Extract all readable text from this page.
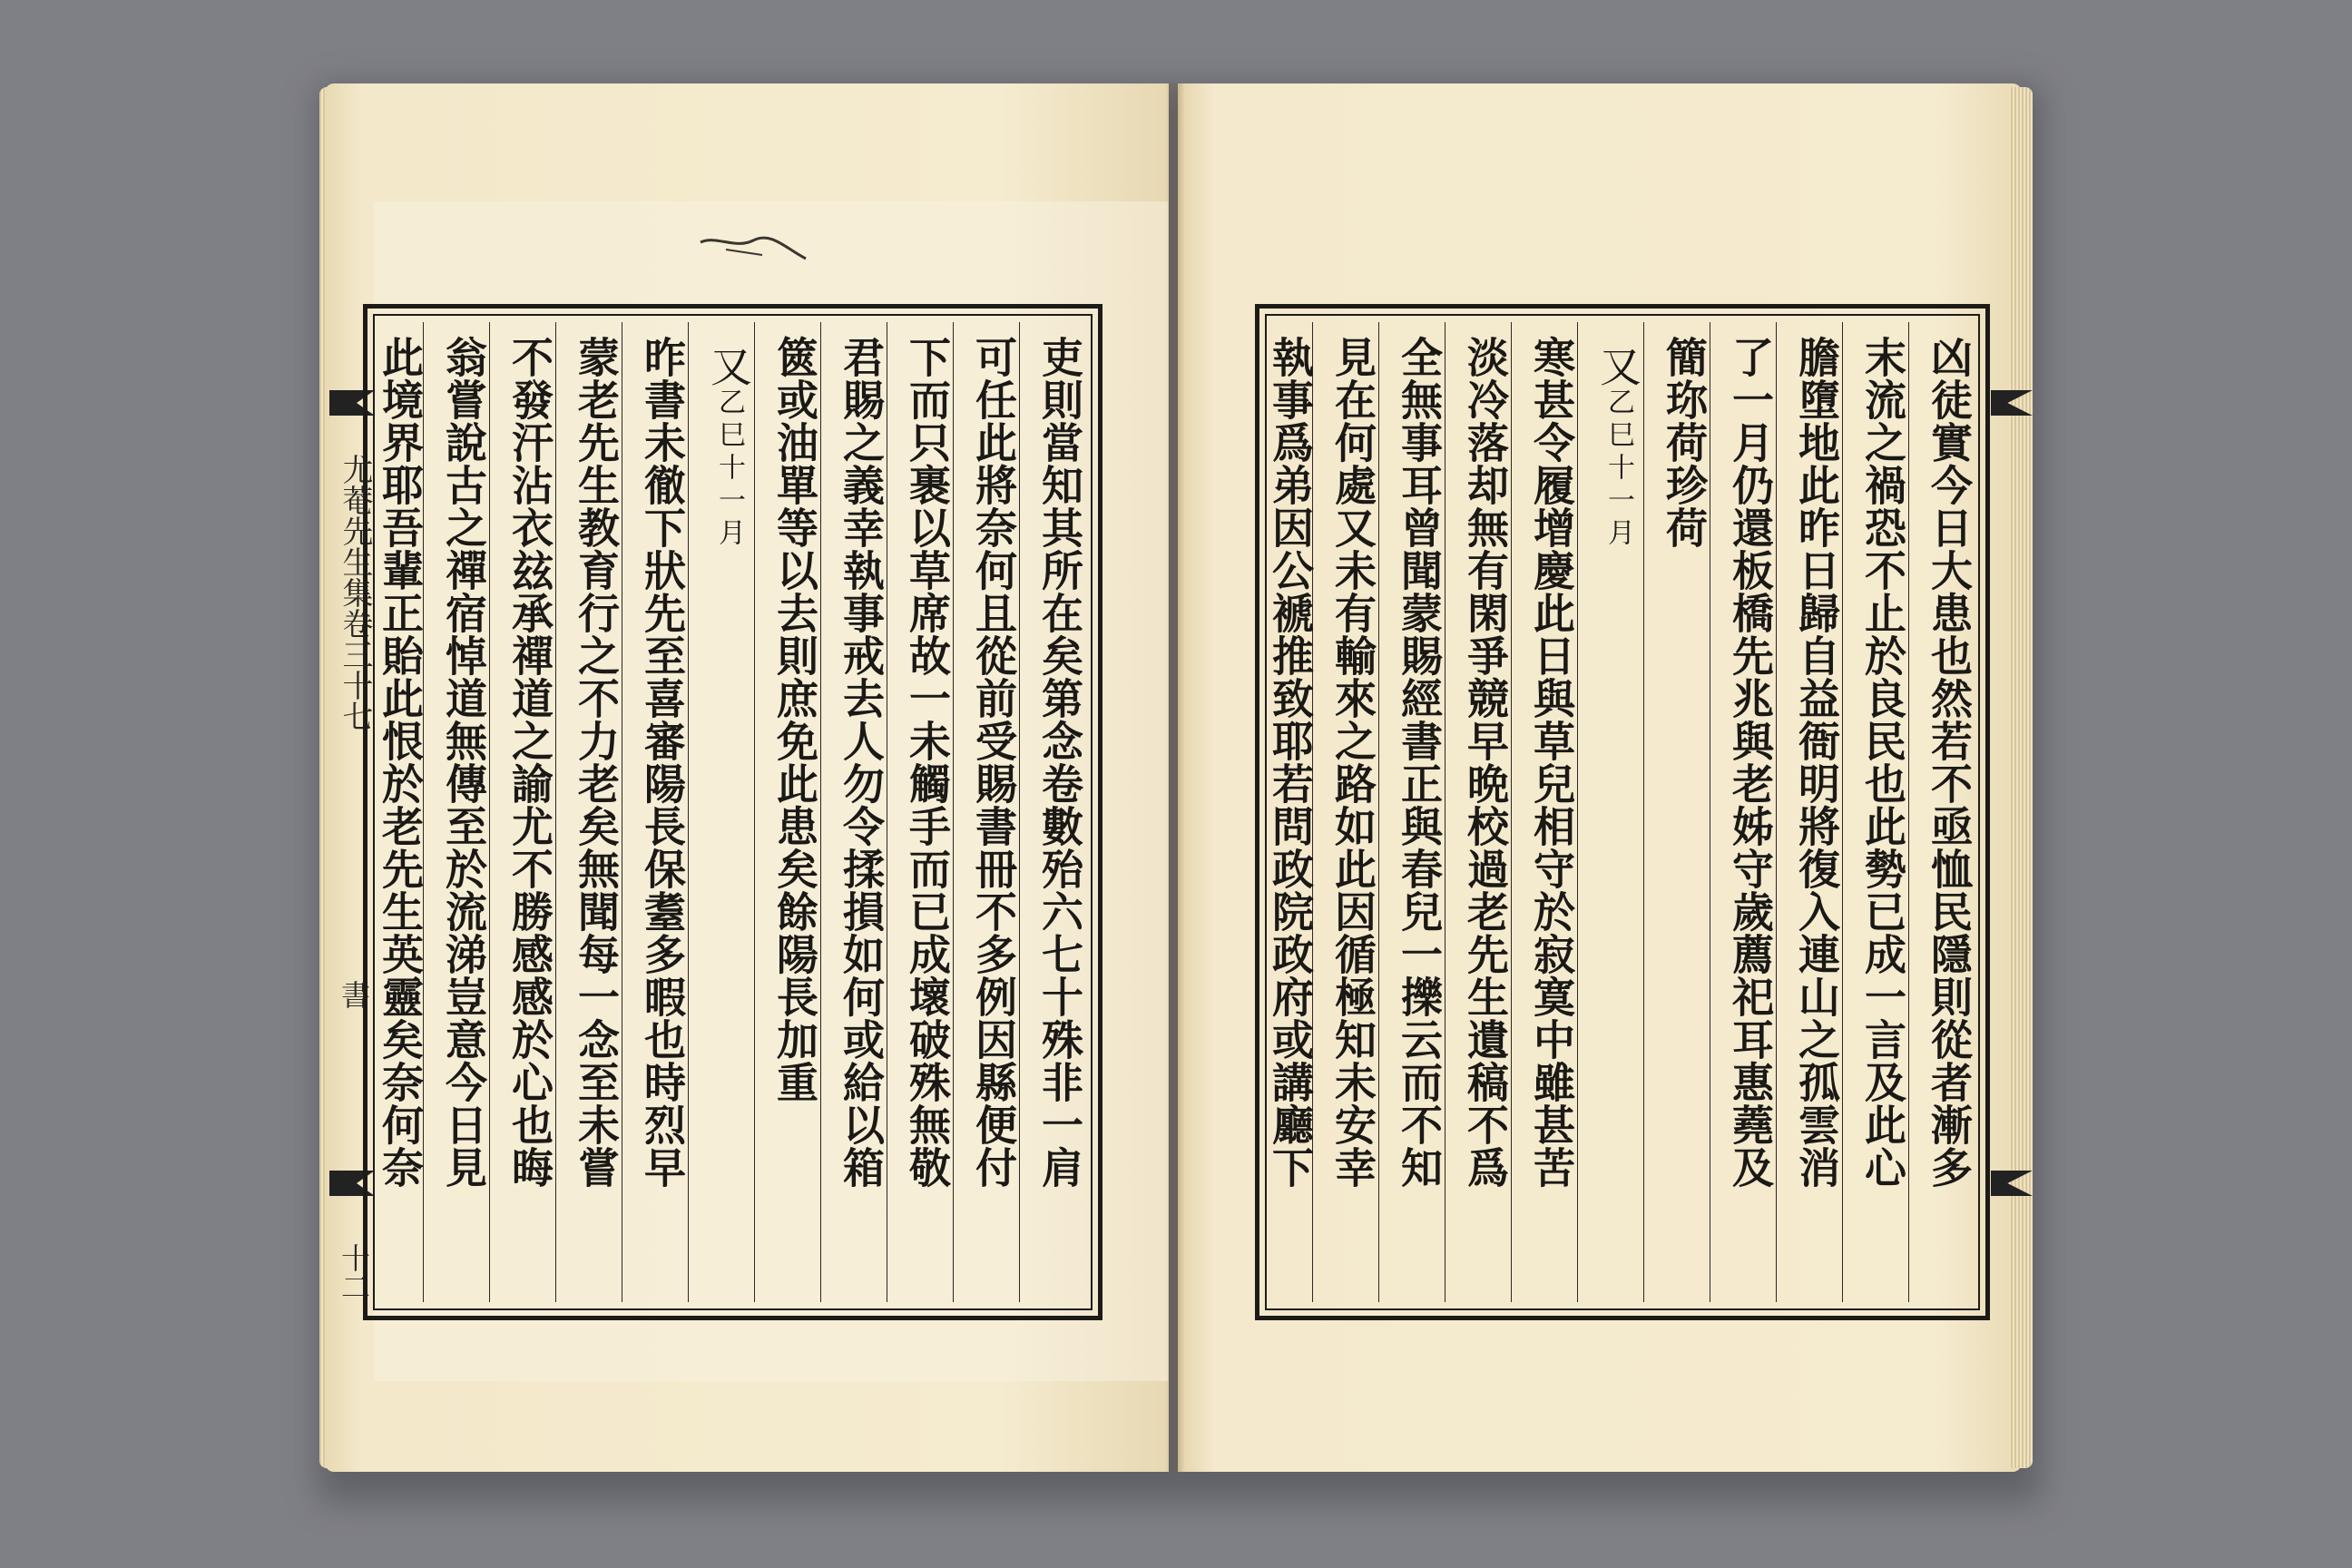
尤菴先生集卷三十七
書
十二
吏則當知其所在矣第念卷數殆六七十殊非一肩
可任此將奈何且從前受賜書冊不多例因縣便付
下而只裹以草席故一未觸手而已成壞破殊無敬
君賜之義幸執事戒去人勿令揉損如何或給以箱
篋或油單等以去則庶免此患矣餘陽長加重
又乙巳十一月
昨書未徹下狀先至喜審陽長保耋多暇也時烈早
蒙老先生教育行之不力老矣無聞每一念至未嘗
不發汗沾衣玆承禪道之諭尤不勝感感於心也晦
翁嘗說古之禪宿悼道無傳至於流涕豈意今日見
此境界耶吾輩正貽此恨於老先生英靈矣奈何奈	凶徒實今日大患也然若不亟恤民隱則從者漸多
末流之禍恐不止於良民也此勢已成一言及此心
膽墮地此昨日歸自益衙明將復入連山之孤雲消
了一月仍還板橋先兆與老姊守歲薦祀耳惠蕘及
簡珎荷珍荷
又乙巳十一月
寒甚令履增慶此日與草兒相守於寂寞中雖甚苦
淡冷落却無有閑爭競早晩校過老先生遺稿不爲
全無事耳曾聞蒙賜經書正與春兒一擽云而不知
見在何處又未有輸來之路如此因循極知未安幸
執事爲弟因公褫推致耶若問政院政府或講廳下
